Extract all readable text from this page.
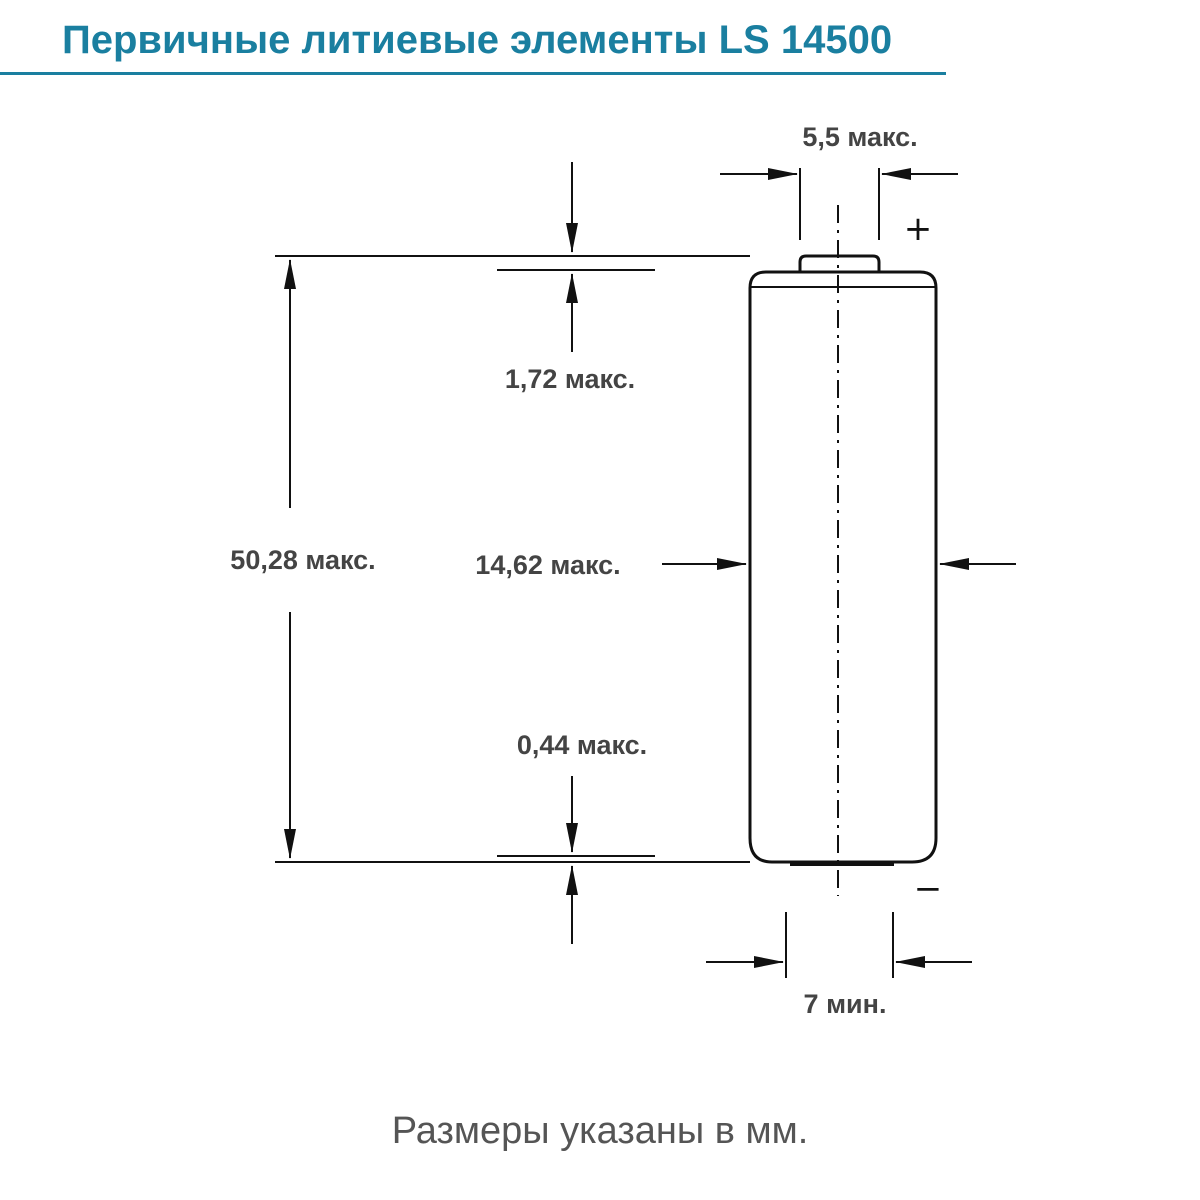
Первичные литиевые элементы LS 14500
5,5 макс.
50,28 макс.
1,72 макс.
14,62 макс.
0,44 макс.
7 мин.
+
−
Размеры указаны в мм.
